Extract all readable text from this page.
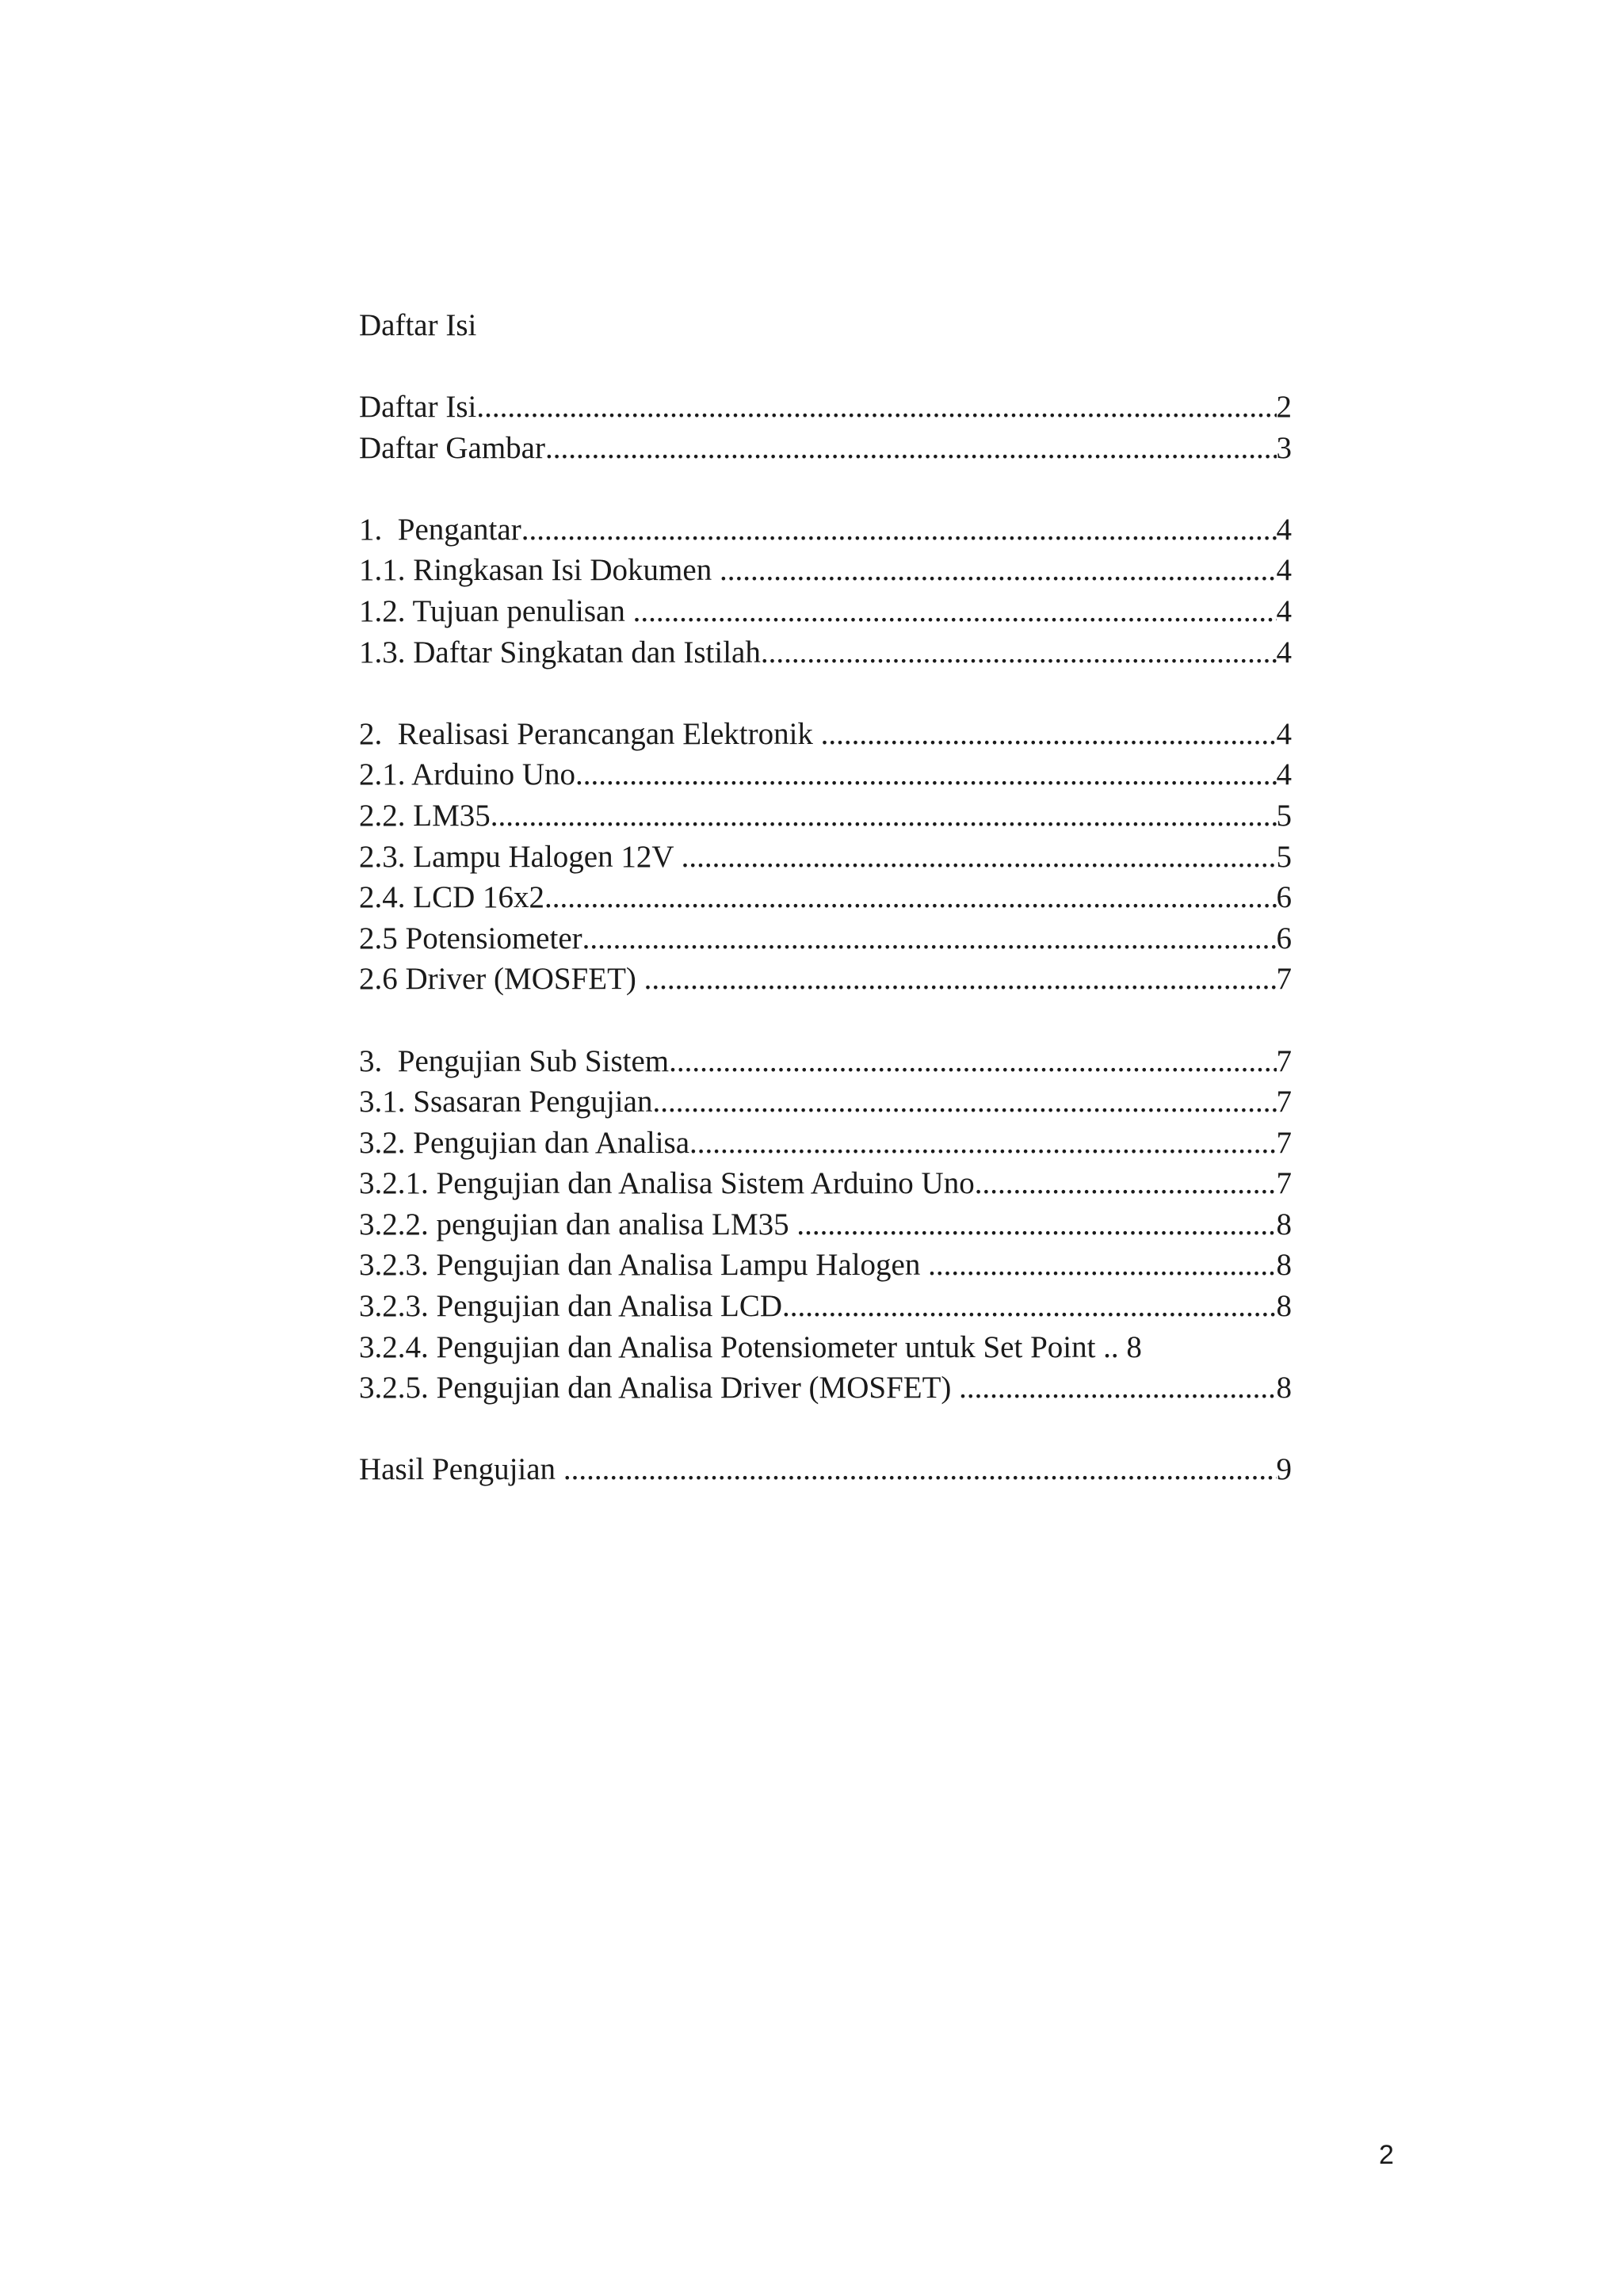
Daftar Isi
Daftar Isi .....	2
Daftar Gambar .....	3
1.  Pengantar .....	4
1.1. Ringkasan Isi Dokumen .....	4
1.2. Tujuan penulisan .....	4
1.3. Daftar Singkatan dan Istilah .....	4
2.  Realisasi Perancangan Elektronik .....	4
2.1. Arduino Uno .....	4
2.2. LM35 .....	5
2.3. Lampu Halogen 12V .....	5
2.4. LCD 16x2 .....	6
2.5 Potensiometer .....	6
2.6 Driver (MOSFET) .....	7
3.  Pengujian Sub Sistem .....	7
3.1. Ssasaran Pengujian .....	7
3.2. Pengujian dan Analisa .....	7
3.2.1. Pengujian dan Analisa Sistem Arduino Uno .....	7
3.2.2. pengujian dan analisa LM35 .....	8
3.2.3. Pengujian dan Analisa Lampu Halogen .....	8
3.2.3. Pengujian dan Analisa LCD .....	8
3.2.4. Pengujian dan Analisa Potensiometer untuk Set Point .. 8
3.2.5. Pengujian dan Analisa Driver (MOSFET) .....	8
Hasil Pengujian .....	9
2
